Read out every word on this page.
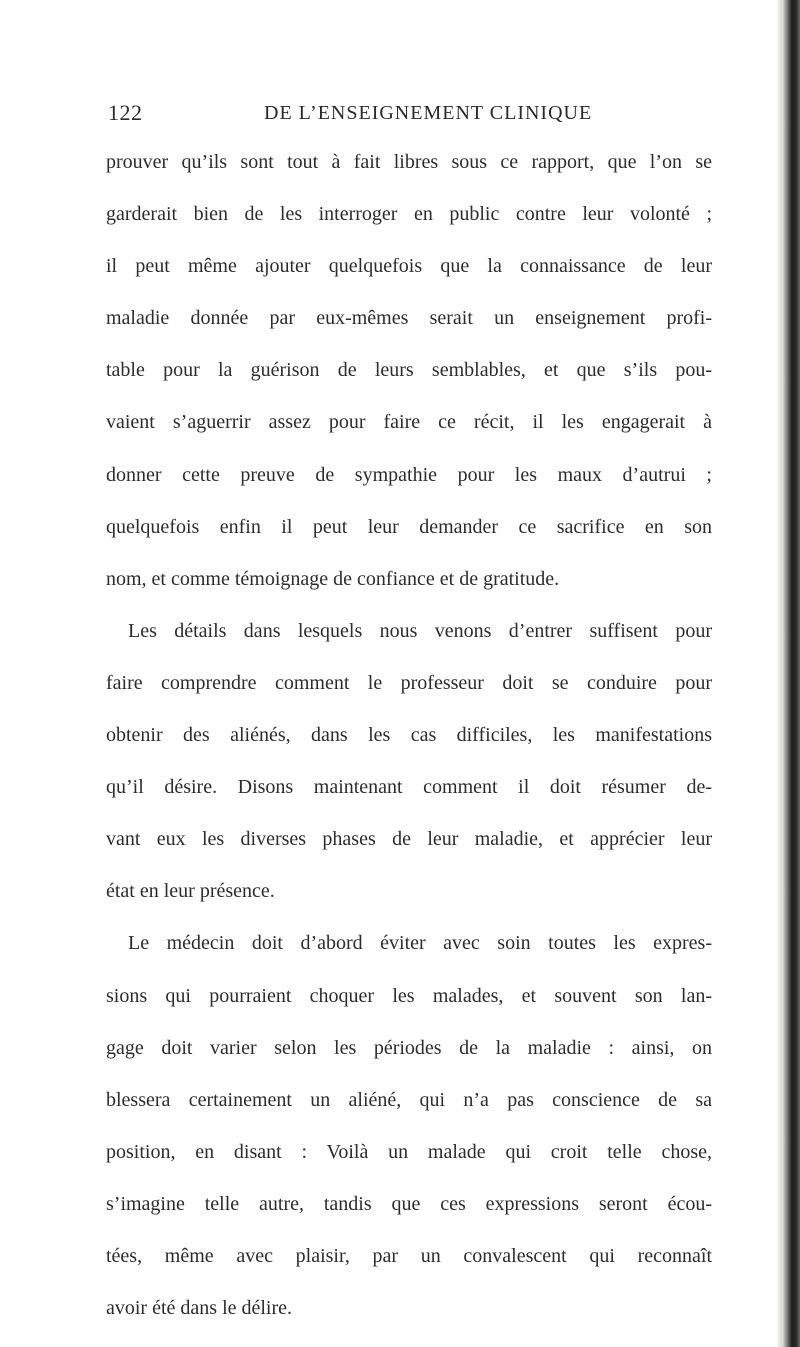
122	DE L’ENSEIGNEMENT CLINIQUE
prouver qu’ils sont tout à fait libres sous ce rapport, que l’on se
garderait bien de les interroger en public contre leur volonté ;
il peut même ajouter quelquefois que la connaissance de leur
maladie donnée par eux-mêmes serait un enseignement profi-
table pour la guérison de leurs semblables, et que s’ils pou-
vaient s’aguerrir assez pour faire ce récit, il les engagerait à
donner cette preuve de sympathie pour les maux d’autrui ;
quelquefois enfin il peut leur demander ce sacrifice en son
nom, et comme témoignage de confiance et de gratitude.
Les détails dans lesquels nous venons d’entrer suffisent pour
faire comprendre comment le professeur doit se conduire pour
obtenir des aliénés, dans les cas difficiles, les manifestations
qu’il désire. Disons maintenant comment il doit résumer de-
vant eux les diverses phases de leur maladie, et apprécier leur
état en leur présence.
Le médecin doit d’abord éviter avec soin toutes les expres-
sions qui pourraient choquer les malades, et souvent son lan-
gage doit varier selon les périodes de la maladie : ainsi, on
blessera certainement un aliéné, qui n’a pas conscience de sa
position, en disant : Voilà un malade qui croit telle chose,
s’imagine telle autre, tandis que ces expressions seront écou-
tées, même avec plaisir, par un convalescent qui reconnaît
avoir été dans le délire.
